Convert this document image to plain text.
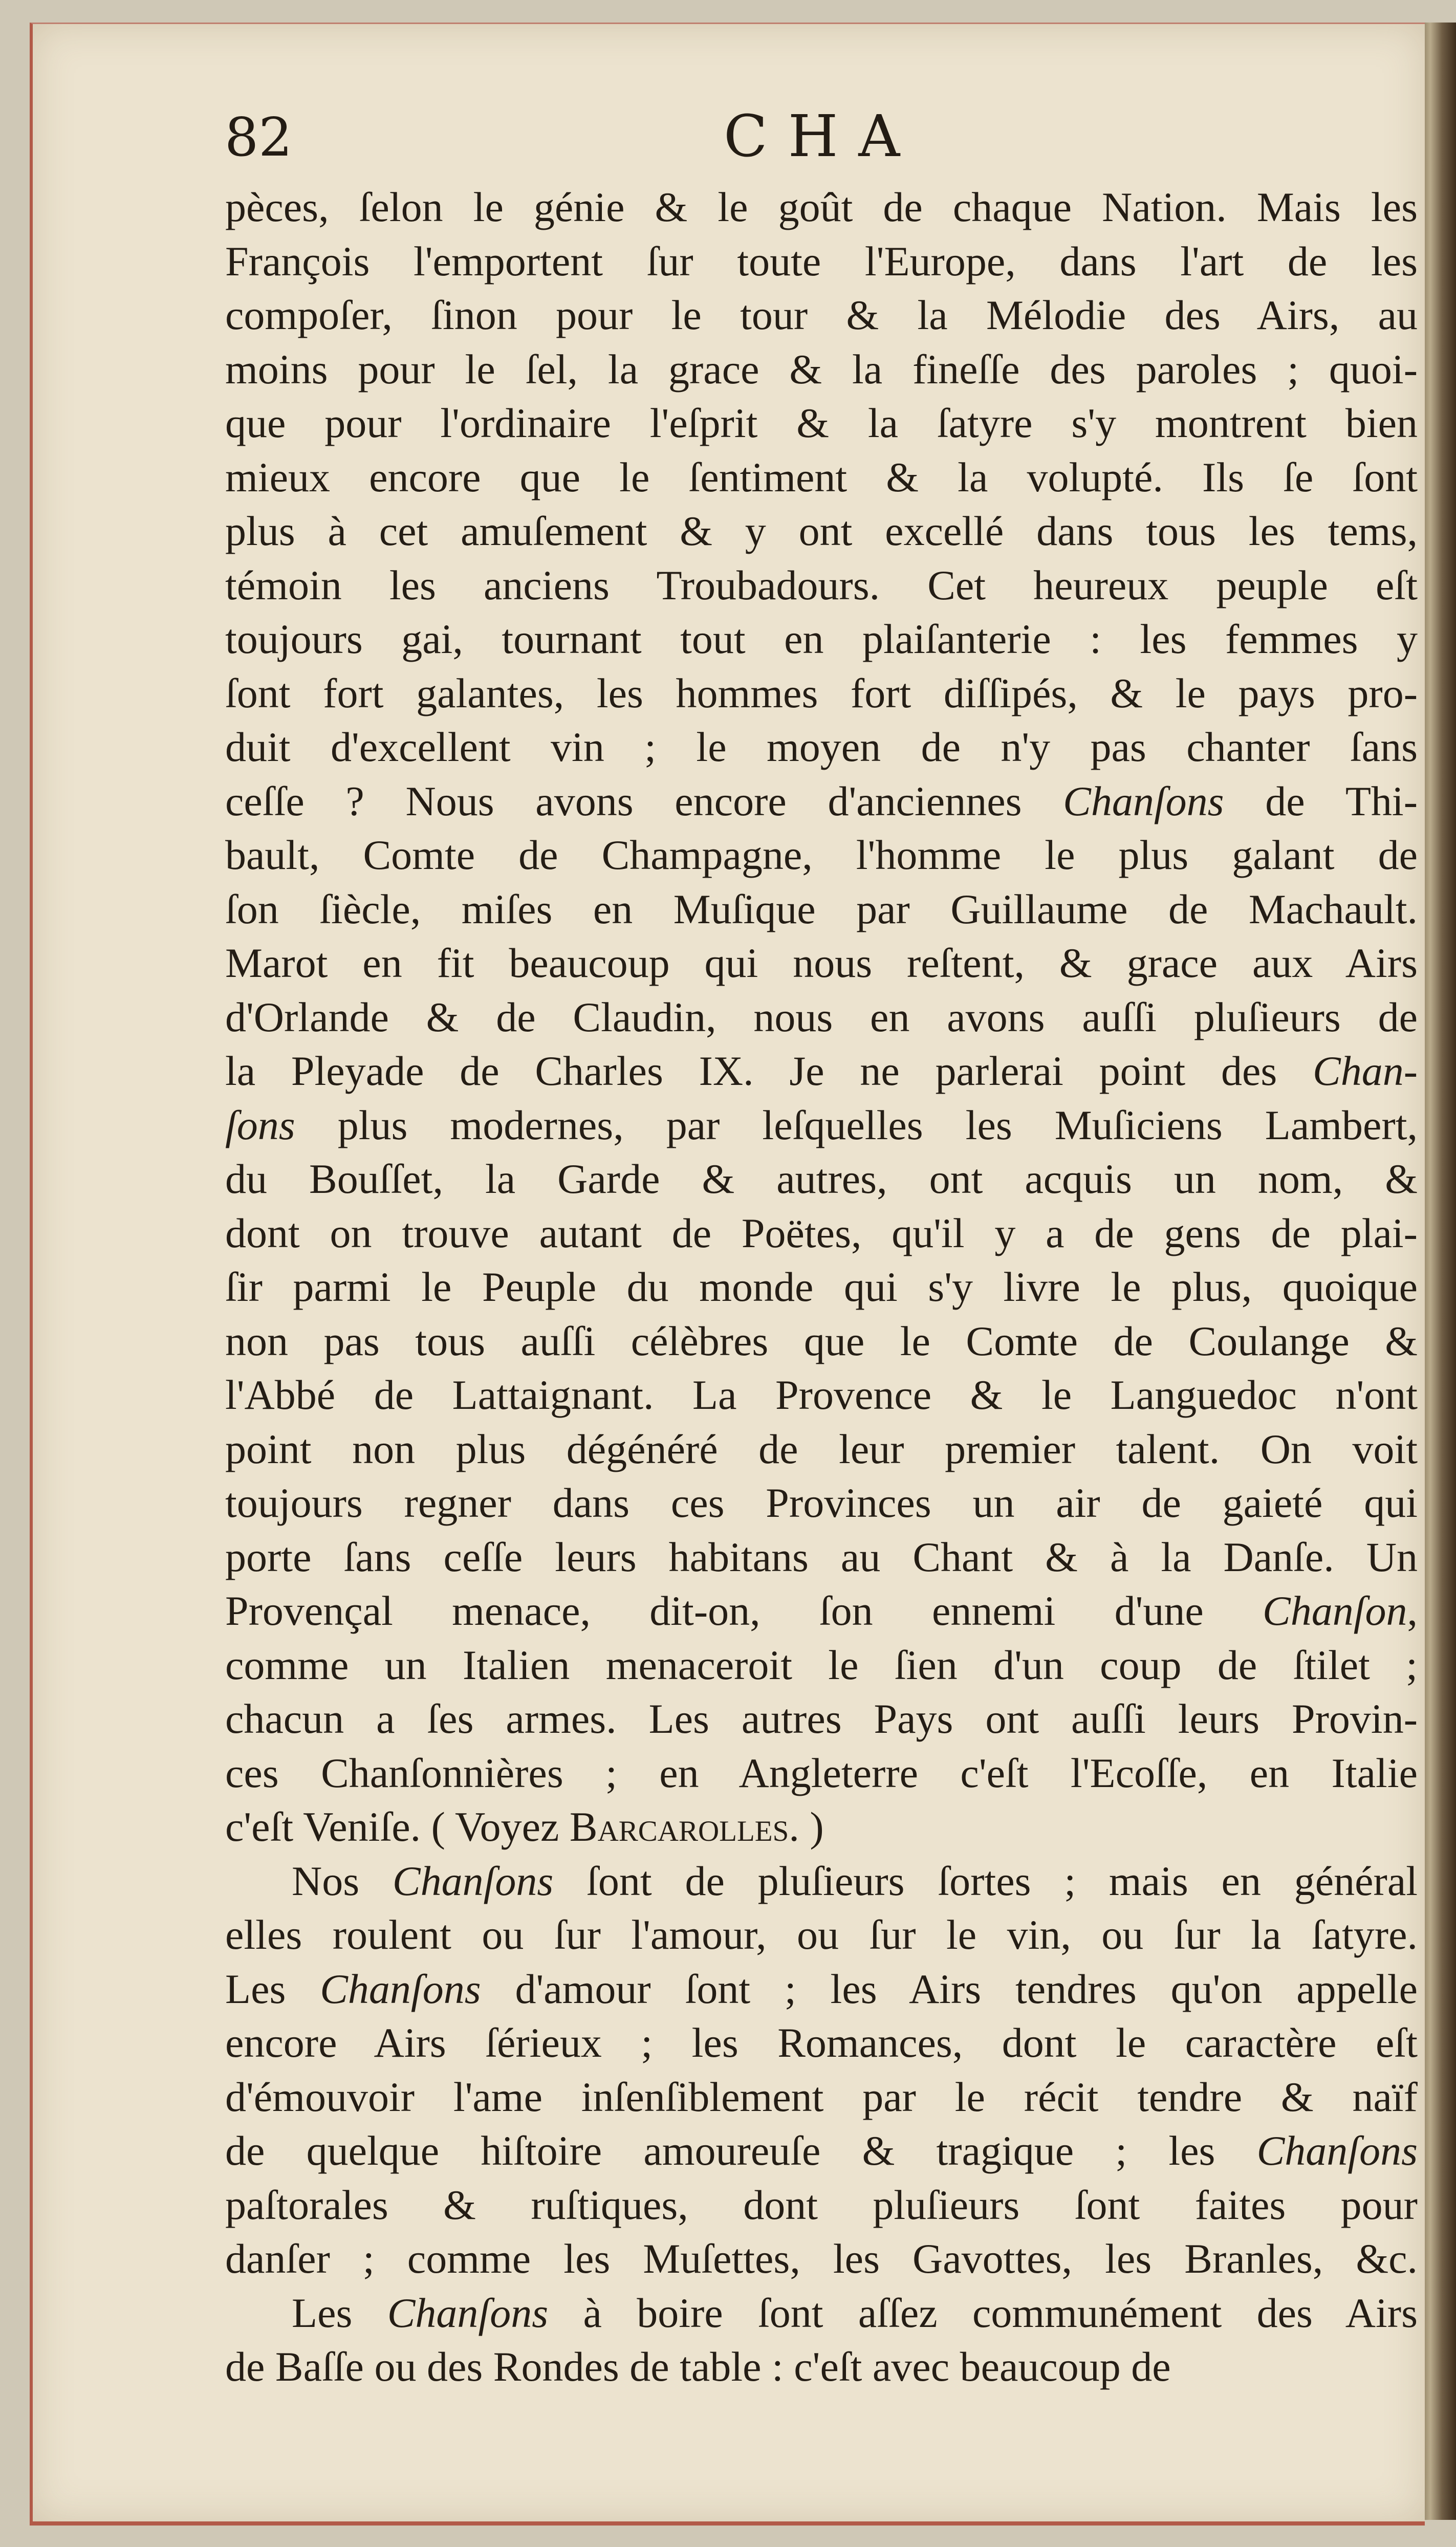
82	CHA
pèces, ſelon le génie & le goût de chaque Nation. Mais les
François l'emportent ſur toute l'Europe, dans l'art de les
compoſer, ſinon pour le tour & la Mélodie des Airs, au
moins pour le ſel, la grace & la fineſſe des paroles ; quoi-
que pour l'ordinaire l'eſprit & la ſatyre s'y montrent bien
mieux encore que le ſentiment & la volupté. Ils ſe ſont
plus à cet amuſement & y ont excellé dans tous les tems,
témoin les anciens Troubadours. Cet heureux peuple eſt
toujours gai, tournant tout en plaiſanterie : les femmes y
ſont fort galantes, les hommes fort diſſipés, & le pays pro-
duit d'excellent vin ; le moyen de n'y pas chanter ſans
ceſſe ? Nous avons encore d'anciennes Chanſons de Thi-
bault, Comte de Champagne, l'homme le plus galant de
ſon ſiècle, miſes en Muſique par Guillaume de Machault.
Marot en fit beaucoup qui nous reſtent, & grace aux Airs
d'Orlande & de Claudin, nous en avons auſſi pluſieurs de
la Pleyade de Charles IX. Je ne parlerai point des Chan-
ſons plus modernes, par leſquelles les Muſiciens Lambert,
du Bouſſet, la Garde & autres, ont acquis un nom, &
dont on trouve autant de Poëtes, qu'il y a de gens de plai-
ſir parmi le Peuple du monde qui s'y livre le plus, quoique
non pas tous auſſi célèbres que le Comte de Coulange &
l'Abbé de Lattaignant. La Provence & le Languedoc n'ont
point non plus dégénéré de leur premier talent. On voit
toujours regner dans ces Provinces un air de gaieté qui
porte ſans ceſſe leurs habitans au Chant & à la Danſe. Un
Provençal menace, dit-on, ſon ennemi d'une Chanſon,
comme un Italien menaceroit le ſien d'un coup de ſtilet ;
chacun a ſes armes. Les autres Pays ont auſſi leurs Provin-
ces Chanſonnières ; en Angleterre c'eſt l'Ecoſſe, en Italie
c'eſt Veniſe. ( Voyez Barcarolles. )
Nos Chanſons ſont de pluſieurs ſortes ; mais en général
elles roulent ou ſur l'amour, ou ſur le vin, ou ſur la ſatyre.
Les Chanſons d'amour ſont ; les Airs tendres qu'on appelle
encore Airs ſérieux ; les Romances, dont le caractère eſt
d'émouvoir l'ame inſenſiblement par le récit tendre & naïf
de quelque hiſtoire amoureuſe & tragique ; les Chanſons
paſtorales & ruſtiques, dont pluſieurs ſont faites pour
danſer ; comme les Muſettes, les Gavottes, les Branles, &c.
Les Chanſons à boire ſont aſſez communément des Airs
de Baſſe ou des Rondes de table : c'eſt avec beaucoup de
